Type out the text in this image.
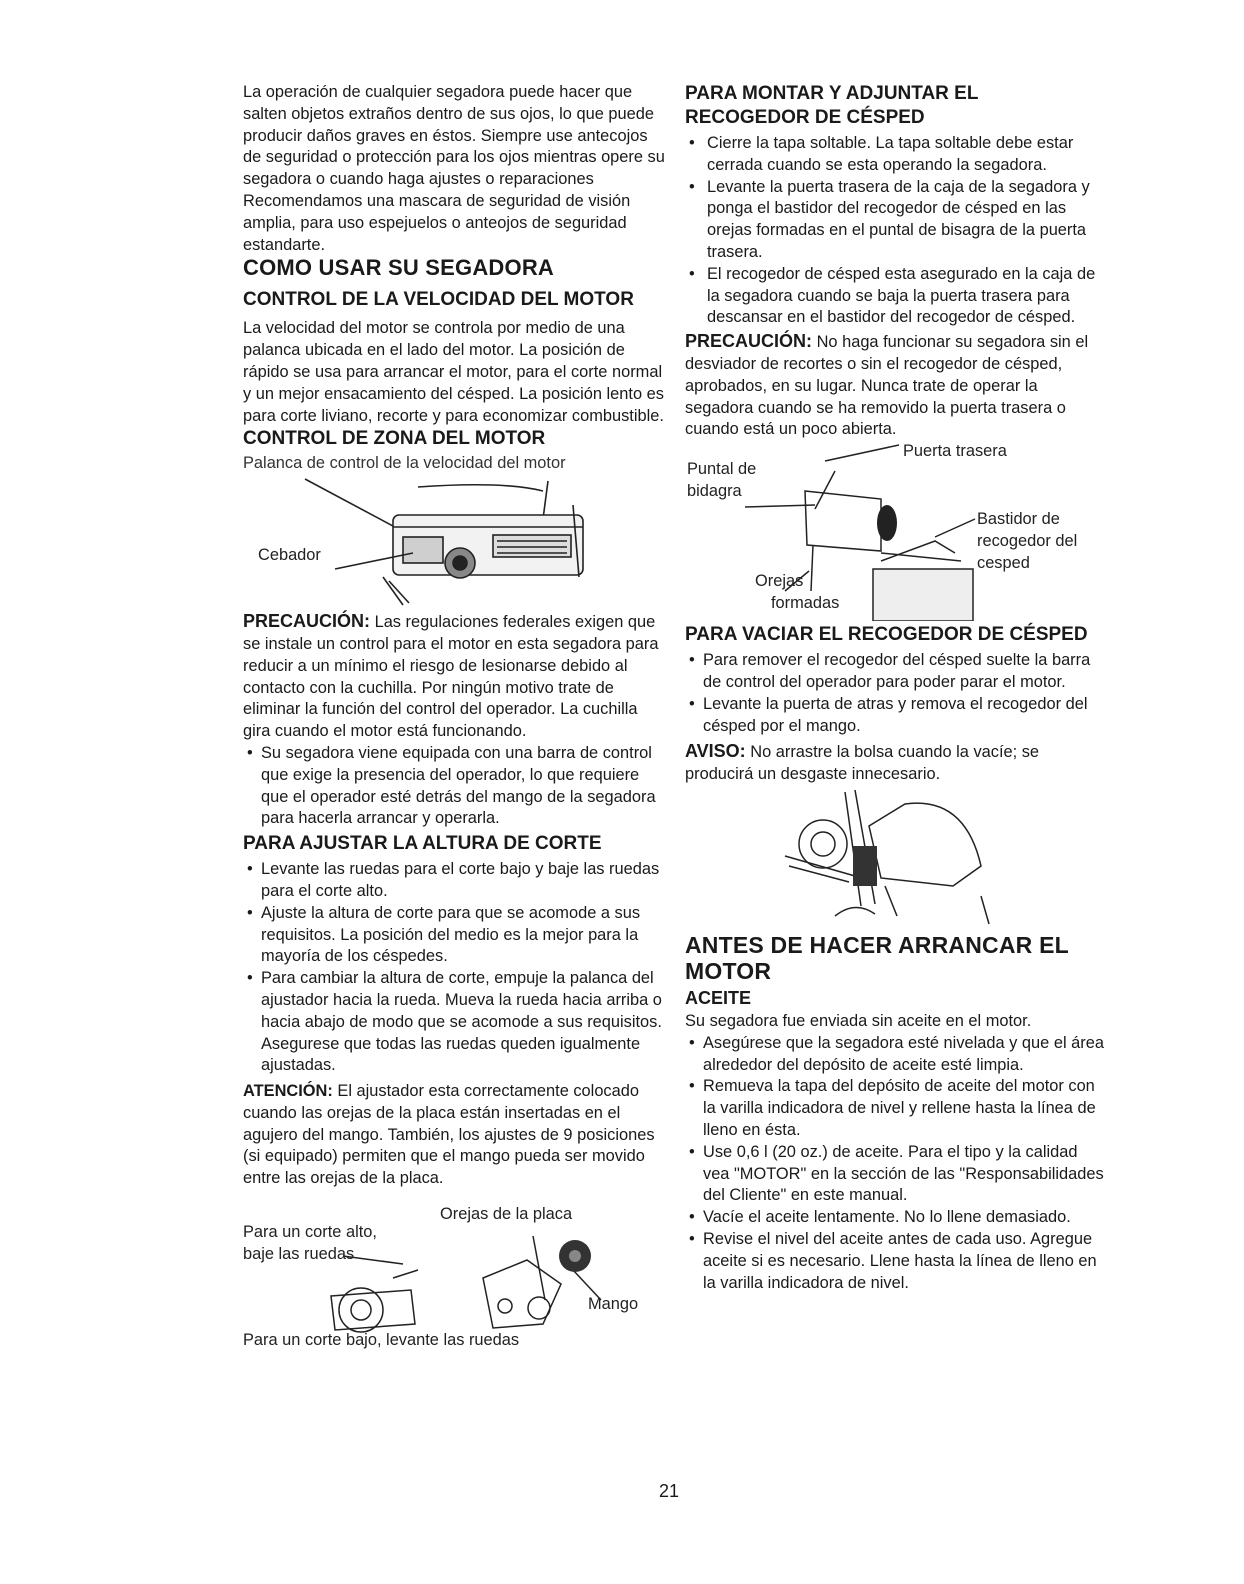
La operación de cualquier segadora puede hacer que salten objetos extraños dentro de sus ojos, lo que puede producir daños graves en éstos. Siempre use antecojos de seguridad o protección para los ojos mientras opere su segadora o cuando haga ajustes o reparaciones Recomendamos una mascara de seguridad de visión amplia, para uso espejuelos o anteojos de seguridad estandarte.

COMO USAR SU SEGADORA
CONTROL DE LA VELOCIDAD DEL MOTOR

La velocidad del motor se controla por medio de una palanca ubicada en el lado del motor. La posición de rápido se usa para arrancar el motor, para el corte normal y un mejor ensacamiento del césped. La posición lento es para corte liviano, recorte y para economizar combustible.

CONTROL DE ZONA DEL MOTOR

Palanca de control de la velocidad del motor

Cebador

PRECAUCIÓN: Las regulaciones federales exigen que se instale un control para el motor en esta segadora para reducir a un mínimo el riesgo de lesionarse debido al contacto con la cuchilla. Por ningún motivo trate de eliminar la función del control del operador. La cuchilla gira cuando el motor está funcionando.

• Su segadora viene equipada con una barra de control que exige la presencia del operador, lo que requiere que el operador esté detrás del mango de la segadora para hacerla arrancar y operarla.
PARA AJUSTAR LA ALTURA DE CORTE
• Levante las ruedas para el corte bajo y baje las ruedas para el corte alto.
• Ajuste la altura de corte para que se acomode a sus requisitos. La posición del medio es la mejor para la mayoría de los céspedes.
• Para cambiar la altura de corte, empuje la palanca del ajustador hacia la rueda. Mueva la rueda hacia arriba o hacia abajo de modo que se acomode a sus requisitos. Asegurese que todas las ruedas queden igualmente ajustadas.

ATENCIÓN: El ajustador esta correctamente colocado cuando las orejas de la placa están insertadas en el agujero del mango. También, los ajustes de 9 posiciones (si equipado) permiten que el mango pueda ser movido entre las orejas de la placa.

Para un corte alto,
baje las ruedas
Orejas de la placa
Mango
Para un corte bajo, levante las ruedas
PARA MONTAR Y ADJUNTAR EL RECOGEDOR DE CÉSPED
• Cierre la tapa soltable. La tapa soltable debe estar cerrada cuando se esta operando la segadora.
• Levante la puerta trasera de la caja de la segadora y ponga el bastidor del recogedor de césped en las orejas formadas en el puntal de bisagra de la puerta trasera.
• El recogedor de césped esta asegurado en la caja de la segadora cuando se baja la puerta trasera para descansar en el bastidor del recogedor de césped.

PRECAUCIÓN: No haga funcionar su segadora sin el desviador de recortes o sin el recogedor de césped, aprobados, en su lugar. Nunca trate de operar la segadora cuando se ha removido la puerta trasera o cuando está un poco abierta.

Puerta trasera
Puntal de
bidagra
Bastidor de
recogedor del
cesped
Orejas
formadas
PARA VACIAR EL RECOGEDOR DE CÉSPED
• Para remover el recogedor del césped suelte la barra de control del operador para poder parar el motor.
• Levante la puerta de atras y remova el recogedor del césped por el mango.

AVISO: No arrastre la bolsa cuando la vacíe; se producirá un desgaste innecesario.

ANTES DE HACER ARRANCAR EL MOTOR
ACEITE

Su segadora fue enviada sin aceite en el motor.

• Asegúrese que la segadora esté nivelada y que el área alrededor del depósito de aceite esté limpia.
• Remueva la tapa del depósito de aceite del motor con la varilla indicadora de nivel y rellene hasta la línea de lleno en ésta.
• Use 0,6 l (20 oz.) de aceite. Para el tipo y la calidad vea "MOTOR" en la sección de las "Responsabilidades del Cliente" en este manual.
• Vacíe el aceite lentamente. No lo llene demasiado.
• Revise el nivel del aceite antes de cada uso. Agregue aceite si es necesario. Llene hasta la línea de lleno en la varilla indicadora de nivel.
21
